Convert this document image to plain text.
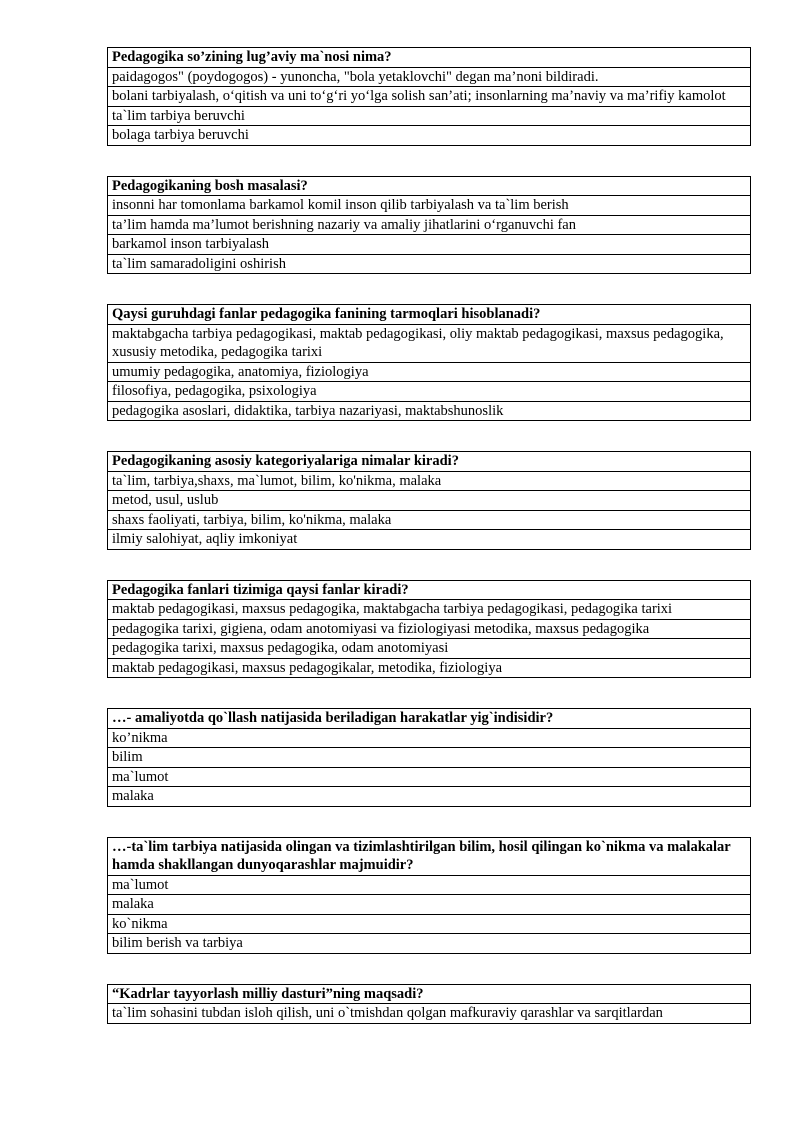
Pedagogika so’zining lug’aviy ma`nosi nima?
paidagogos" (poydogogos) - yunoncha, "bola yetaklovchi" degan ma’noni bildiradi.
bolani tarbiyalash, o‘qitish va uni to‘g‘ri yo‘lga solish san’ati; insonlarning ma’naviy va ma’rifiy kamolot
ta`lim tarbiya beruvchi
bolaga tarbiya beruvchi
Pedagogikaning bosh masalasi?
insonni har tomonlama barkamol komil inson qilib tarbiyalash va ta`lim berish
ta’lim hamda ma’lumot berishning nazariy va amaliy jihatlarini o‘rganuvchi fan
barkamol inson tarbiyalash
ta`lim samaradoligini oshirish
Qaysi guruhdagi fanlar pedagogika fanining tarmoqlari hisoblanadi?
maktabgacha tarbiya pedagogikasi, maktab pedagogikasi, oliy maktab pedagogikasi, maxsus pedagogika, xususiy metodika, pedagogika tarixi
umumiy pedagogika, anatomiya, fiziologiya
filosofiya, pedagogika, psixologiya
pedagogika asoslari, didaktika, tarbiya nazariyasi, maktabshunoslik
Pedagogikaning asosiy kategoriyalariga nimalar kiradi?
ta`lim, tarbiya,shaxs, ma`lumot, bilim, ko'nikma, malaka
metod, usul, uslub
shaxs faoliyati, tarbiya, bilim, ko'nikma, malaka
ilmiy salohiyat, aqliy imkoniyat
Pedagogika fanlari tizimiga qaysi fanlar kiradi?
maktab pedagogikasi, maxsus pedagogika, maktabgacha tarbiya pedagogikasi, pedagogika tarixi
pedagogika tarixi, gigiena, odam anotomiyasi va fiziologiyasi metodika, maxsus pedagogika
pedagogika tarixi, maxsus pedagogika, odam anotomiyasi
maktab pedagogikasi, maxsus pedagogikalar, metodika, fiziologiya
…- amaliyotda qo`llash natijasida beriladigan harakatlar yig`indisidir?
ko’nikma
bilim
ma`lumot
malaka
…-ta`lim tarbiya natijasida olingan va tizimlashtirilgan bilim, hosil qilingan ko`nikma va malakalar hamda shakllangan dunyoqarashlar majmuidir?
ma`lumot
malaka
ko`nikma
bilim berish va tarbiya
“Kadrlar tayyorlash milliy dasturi”ning maqsadi?
ta`lim sohasini tubdan isloh qilish, uni o`tmishdan qolgan mafkuraviy qarashlar va sarqitlardan
